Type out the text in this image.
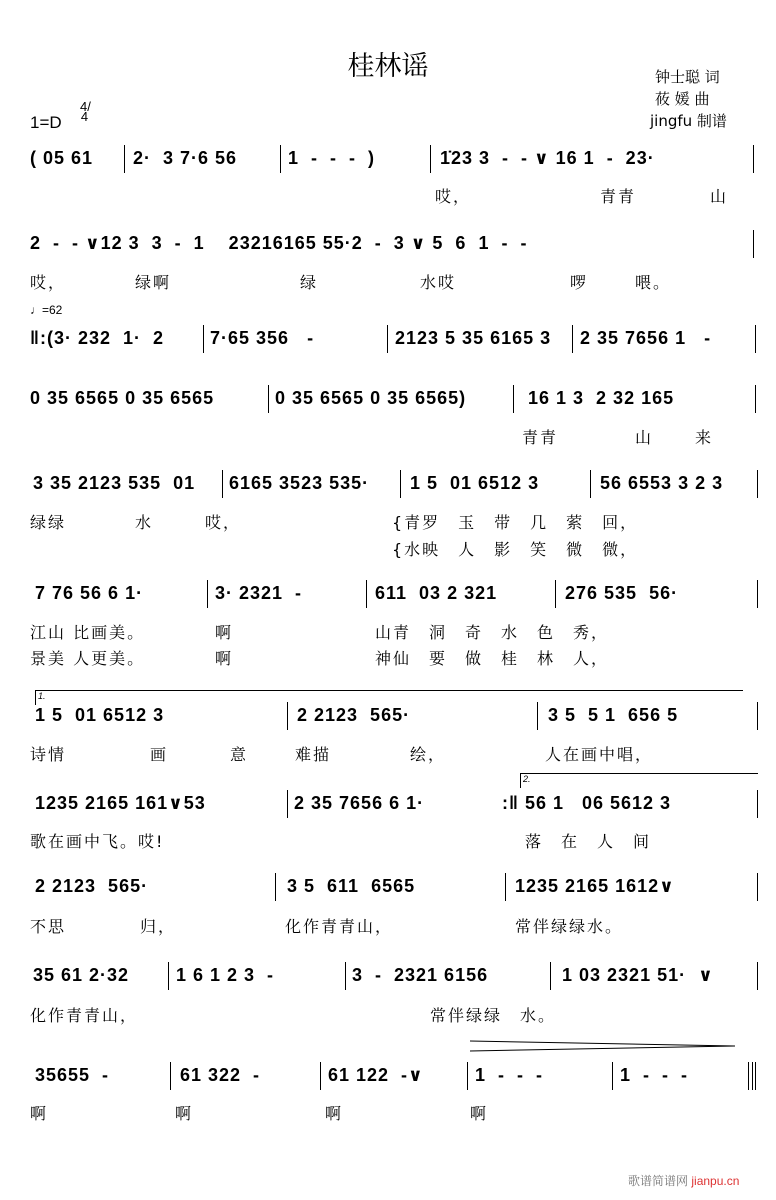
桂林谣	钟士聪 词
莜 媛 曲
jingfu 制谱
1=D
4/4
♩=62
歌谱简谱网 jianpu.cn
( 05 61 2·  3 7·6 56	1  -  -  -  )	1̇23 3  -  - ∨ 16 1  -  23·
哎，	青青	山
2  -  - ∨12 3  3  -  1    23216165 55·2  -  3 ∨ 5  6  1  -  -
哎，	绿啊	绿	水哎	啰	喂。
‖:(3· 232  1·  2	7·65 356   -	2123 5 35 6165 3 2 35 7656 1   -
0 35 6565 0 35 6565	0 35 6565 0 35 6565)	16 1 3  2 32 165
青青	山	来
3 35 2123 535  01 6165 3523 535· 1 5  01 6512 3	56 6553 3 2 3
绿绿	水	哎，	{青罗　玉　带　几　萦　回，
{水映　人　影　笑　微　微，
7 76 56 6 1·	3· 2321  -	611  03 2 321	276 535  56·
江山 比画美。	啊	山青　洞　奇　水　色　秀，
景美 人更美。	啊	神仙　要　做　桂　林　人，
1 5  01 6512 3	2 2123  565·	3 5  5 1  656 5
诗情	画	意	难描	绘，	人在画中唱，
1.
1235 2165 161∨53	2 35 7656 6 1·	:‖ 56 1   06 5612 3
歌在画中飞。哎!	落　在　人　间
2.
2 2123  565·	3 5  611  6565	1235 2165 1612∨
不思	归，	化作青青山，	常伴绿绿水。
35 61 2·32	1 6 1 2 3  -	3  -  2321 6156	1 03 2321 51·  ∨
化作青青山，	常伴绿绿　水。
35655  -	61 322  -	61 122  -∨	1  -  -  -	1  -  -  -
啊	啊	啊	啊
